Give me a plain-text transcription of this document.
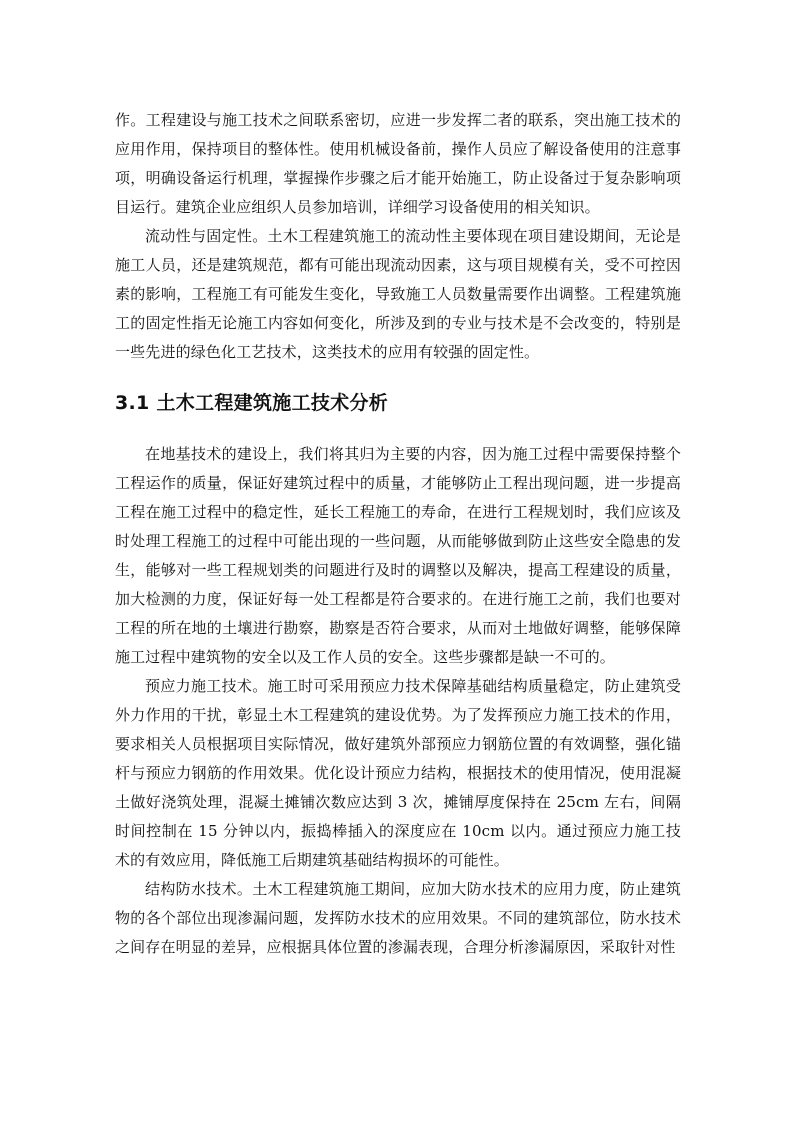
作。工程建设与施工技术之间联系密切，应进一步发挥二者的联系，突出施工技术的应用作用，保持项目的整体性。使用机械设备前，操作人员应了解设备使用的注意事项，明确设备运行机理，掌握操作步骤之后才能开始施工，防止设备过于复杂影响项目运行。建筑企业应组织人员参加培训，详细学习设备使用的相关知识。

流动性与固定性。土木工程建筑施工的流动性主要体现在项目建设期间，无论是施工人员，还是建筑规范，都有可能出现流动因素，这与项目规模有关，受不可控因素的影响，工程施工有可能发生变化，导致施工人员数量需要作出调整。工程建筑施工的固定性指无论施工内容如何变化，所涉及到的专业与技术是不会改变的，特别是一些先进的绿色化工艺技术，这类技术的应用有较强的固定性。

3.1 土木工程建筑施工技术分析

在地基技术的建设上，我们将其归为主要的内容，因为施工过程中需要保持整个工程运作的质量，保证好建筑过程中的质量，才能够防止工程出现问题，进一步提高工程在施工过程中的稳定性，延长工程施工的寿命，在进行工程规划时，我们应该及时处理工程施工的过程中可能出现的一些问题，从而能够做到防止这些安全隐患的发生，能够对一些工程规划类的问题进行及时的调整以及解决，提高工程建设的质量，加大检测的力度，保证好每一处工程都是符合要求的。在进行施工之前，我们也要对工程的所在地的土壤进行勘察，勘察是否符合要求，从而对土地做好调整，能够保障施工过程中建筑物的安全以及工作人员的安全。这些步骤都是缺一不可的。

预应力施工技术。施工时可采用预应力技术保障基础结构质量稳定，防止建筑受外力作用的干扰，彰显土木工程建筑的建设优势。为了发挥预应力施工技术的作用，要求相关人员根据项目实际情况，做好建筑外部预应力钢筋位置的有效调整，强化锚杆与预应力钢筋的作用效果。优化设计预应力结构，根据技术的使用情况，使用混凝土做好浇筑处理，混凝土摊铺次数应达到 3 次，摊铺厚度保持在 25cm 左右，间隔时间控制在 15 分钟以内，振捣棒插入的深度应在 10cm 以内。通过预应力施工技术的有效应用，降低施工后期建筑基础结构损坏的可能性。

结构防水技术。土木工程建筑施工期间，应加大防水技术的应用力度，防止建筑物的各个部位出现渗漏问题，发挥防水技术的应用效果。不同的建筑部位，防水技术之间存在明显的差异，应根据具体位置的渗漏表现，合理分析渗漏原因，采取针对性
